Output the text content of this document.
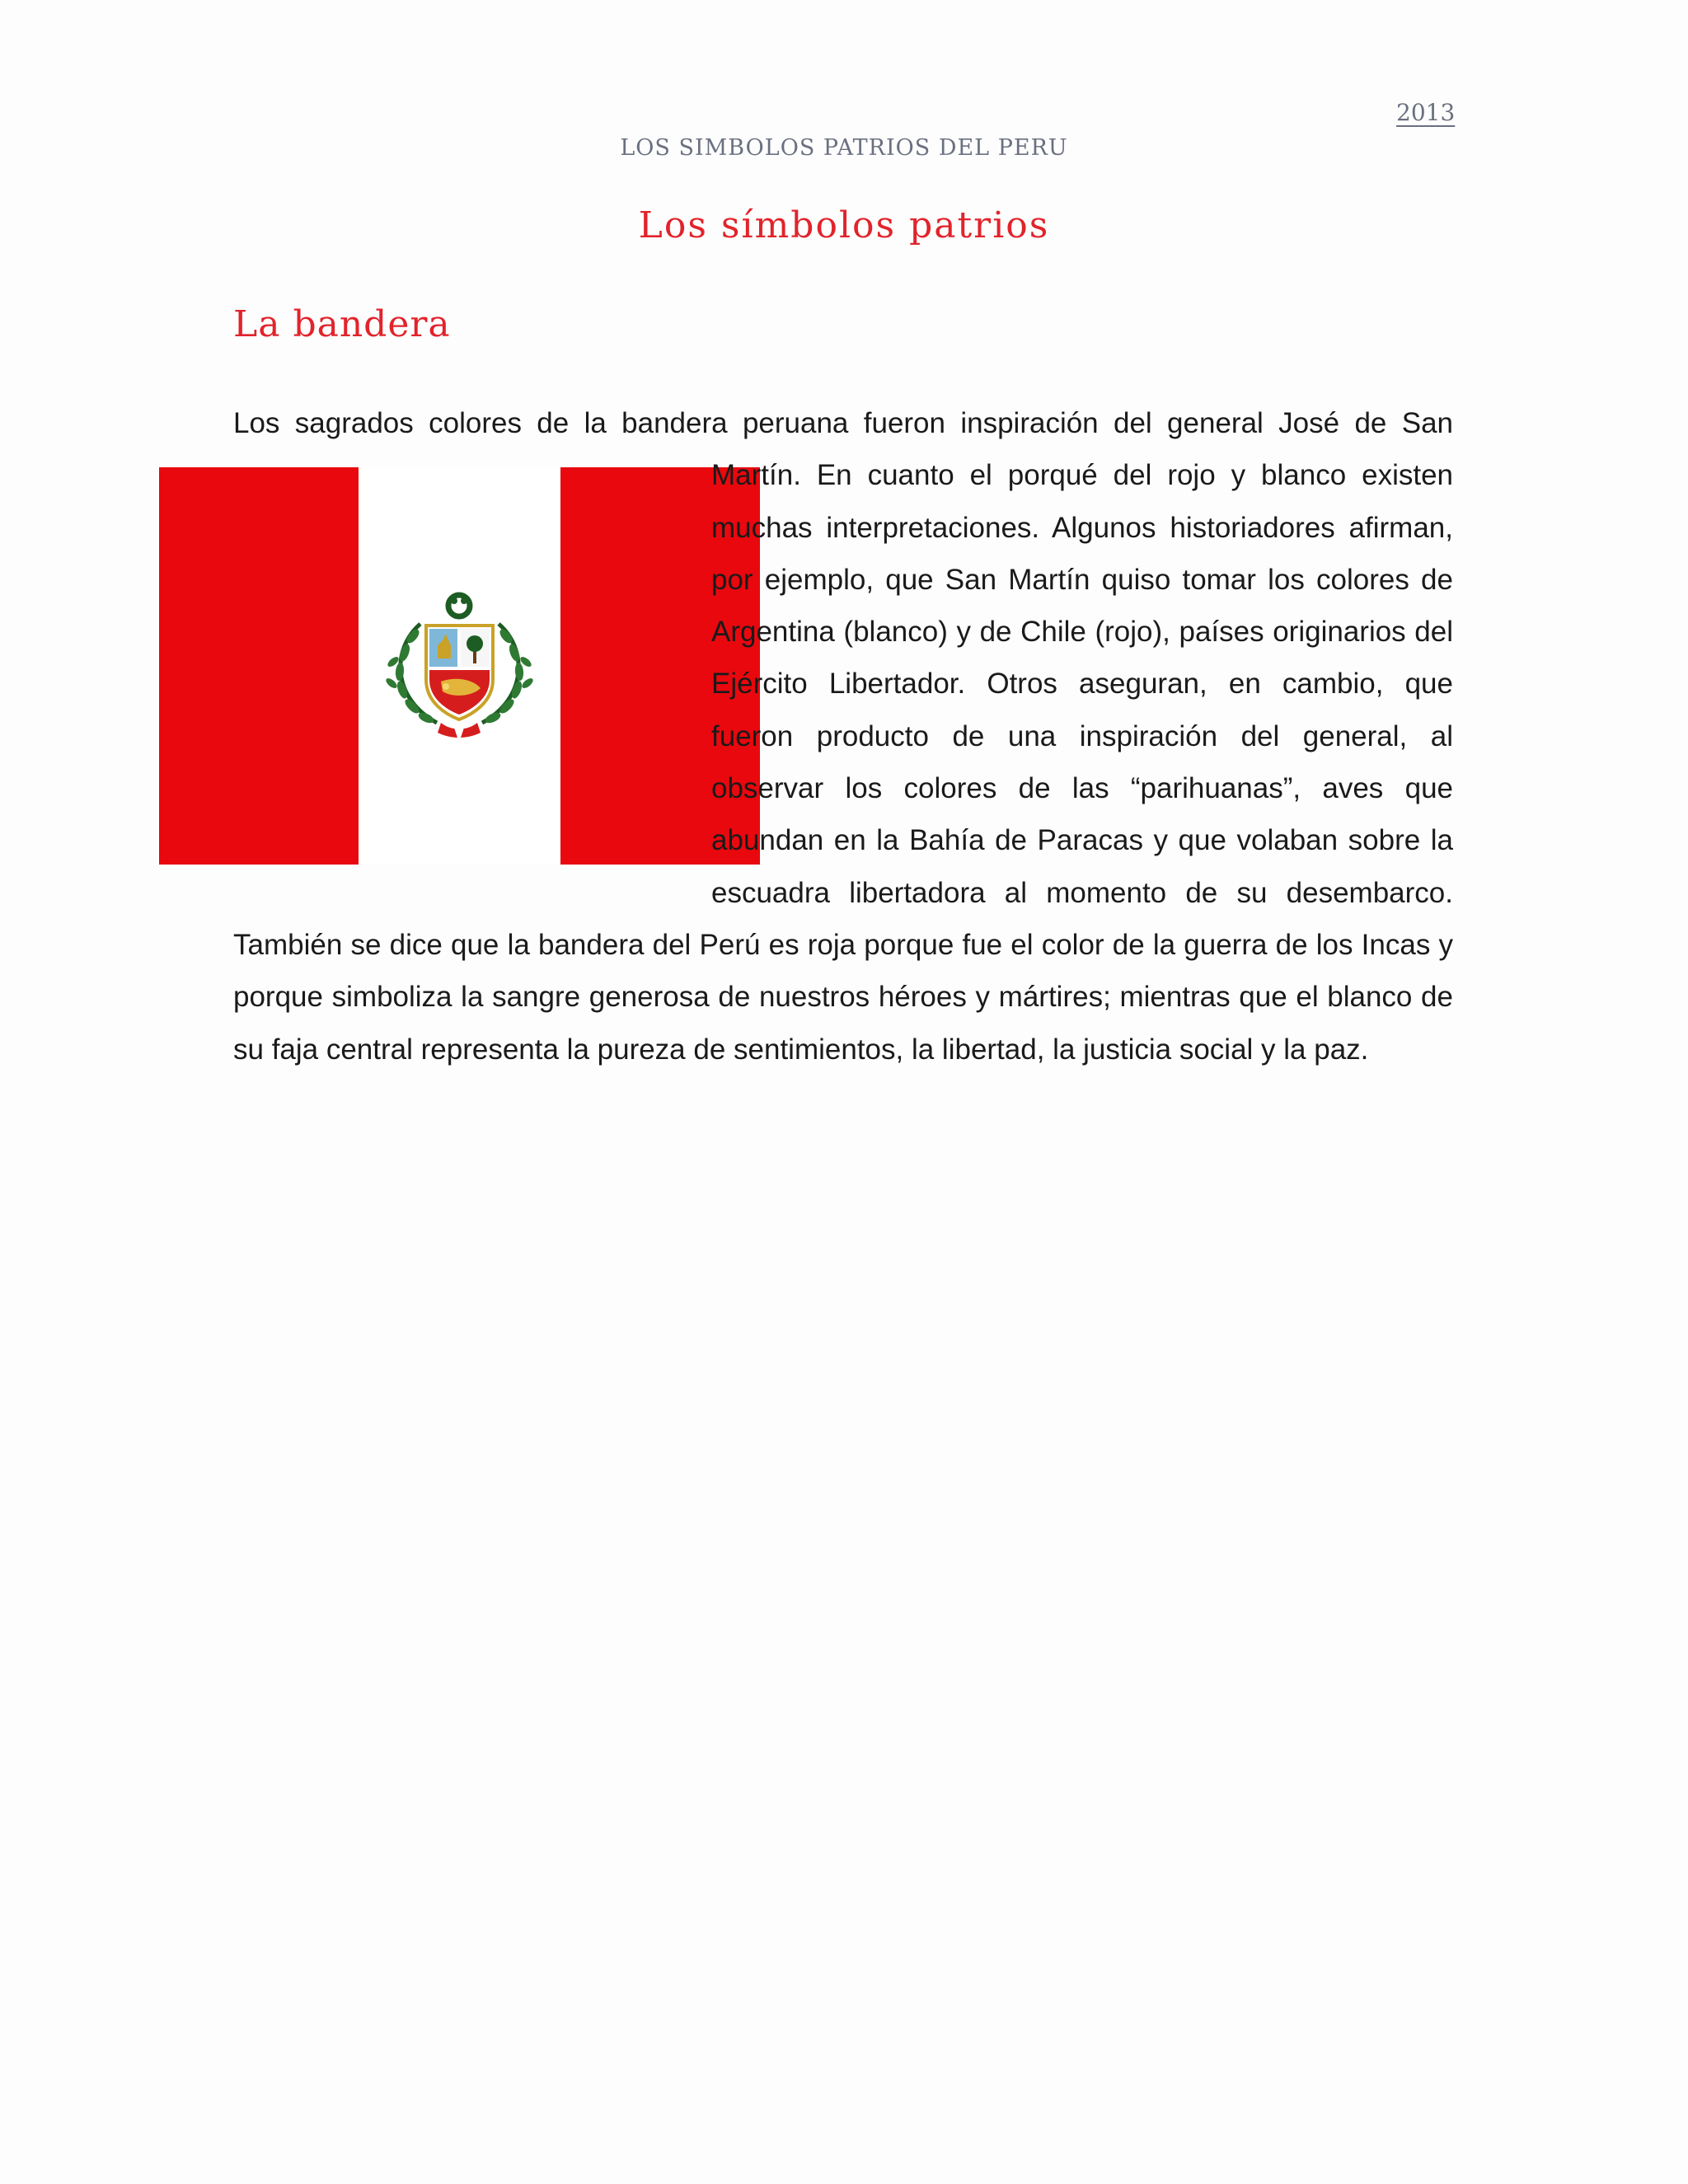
2013
LOS SIMBOLOS PATRIOS DEL PERU
Los símbolos patrios
La bandera

Los sagrados colores de la bandera peruana fueron inspiración del general José de San Martín. En cuanto el porqué del rojo y blanco existen muchas interpretaciones. Algunos historiadores afirman, por ejemplo, que San Martín quiso tomar los colores de Argentina (blanco) y de Chile (rojo), países originarios del Ejército Libertador. Otros aseguran, en cambio, que fueron producto de una inspiración del general, al observar los colores de las “parihuanas”, aves que abundan en la Bahía de Paracas y que volaban sobre la escuadra libertadora al momento de su desembarco. También se dice que la bandera del Perú es roja porque fue el color de la guerra de los Incas y porque simboliza la sangre generosa de nuestros héroes y mártires; mientras que el blanco de su faja central representa la pureza de sentimientos, la libertad, la justicia social y la paz.
